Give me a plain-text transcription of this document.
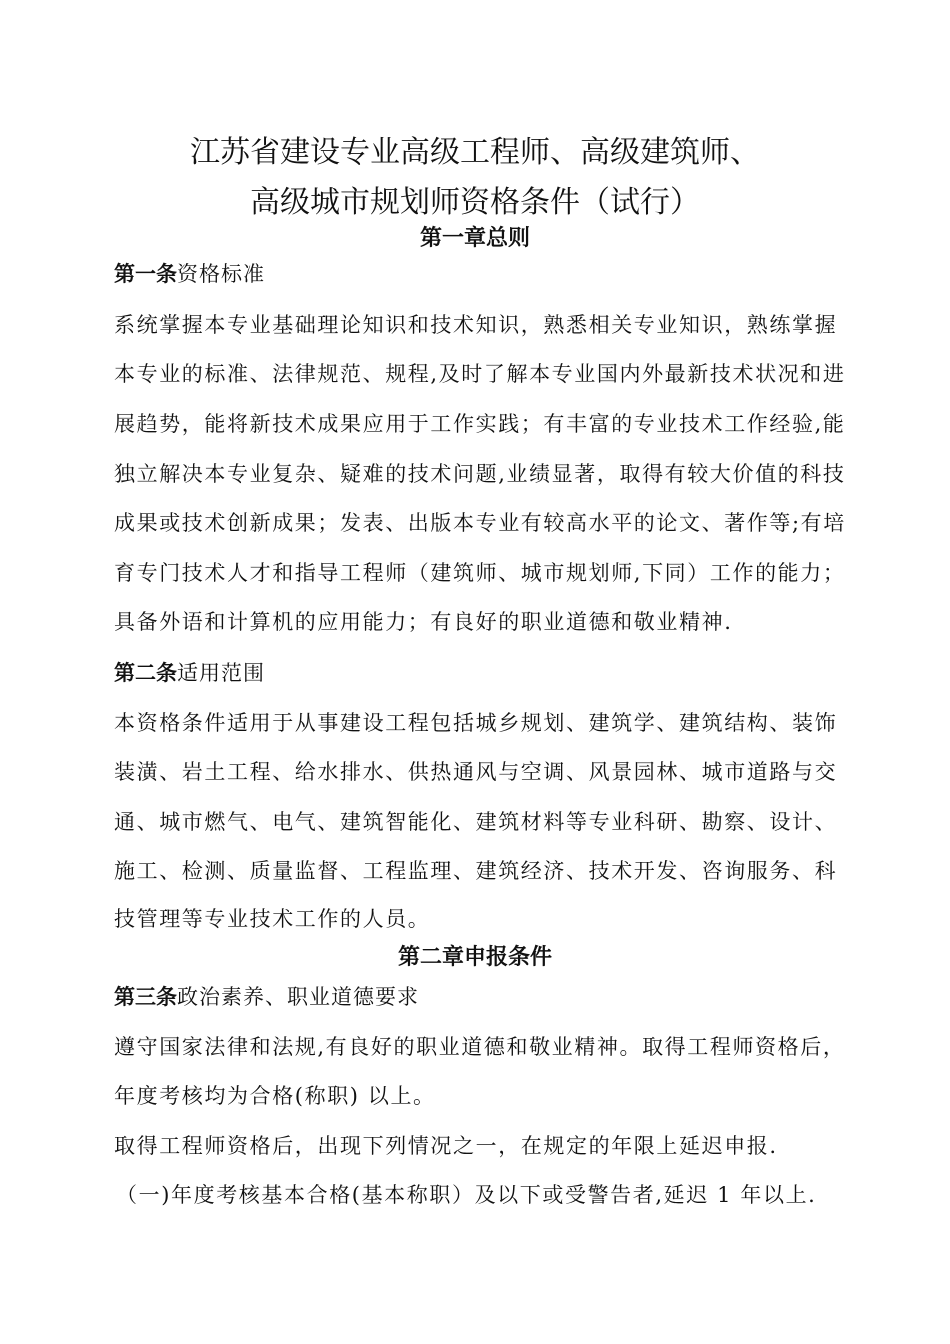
江苏省建设专业高级工程师、高级建筑师、
高级城市规划师资格条件（试行）
第一章总则

第一条资格标准

系统掌握本专业基础理论知识和技术知识，熟悉相关专业知识，熟练掌握

本专业的标准、法律规范、规程,及时了解本专业国内外最新技术状况和进

展趋势，能将新技术成果应用于工作实践；有丰富的专业技术工作经验,能

独立解决本专业复杂、疑难的技术问题,业绩显著，取得有较大价值的科技

成果或技术创新成果；发表、出版本专业有较高水平的论文、著作等;有培

育专门技术人才和指导工程师（建筑师、城市规划师,下同）工作的能力；

具备外语和计算机的应用能力；有良好的职业道德和敬业精神.

第二条适用范围

本资格条件适用于从事建设工程包括城乡规划、建筑学、建筑结构、装饰

装潢、岩土工程、给水排水、供热通风与空调、风景园林、城市道路与交

通、城市燃气、电气、建筑智能化、建筑材料等专业科研、勘察、设计、

施工、检测、质量监督、工程监理、建筑经济、技术开发、咨询服务、科

技管理等专业技术工作的人员。

第二章申报条件

第三条政治素养、职业道德要求

遵守国家法律和法规,有良好的职业道德和敬业精神。取得工程师资格后，

年度考核均为合格(称职) 以上。

取得工程师资格后，出现下列情况之一，在规定的年限上延迟申报.

（一)年度考核基本合格(基本称职）及以下或受警告者,延迟 1 年以上.
